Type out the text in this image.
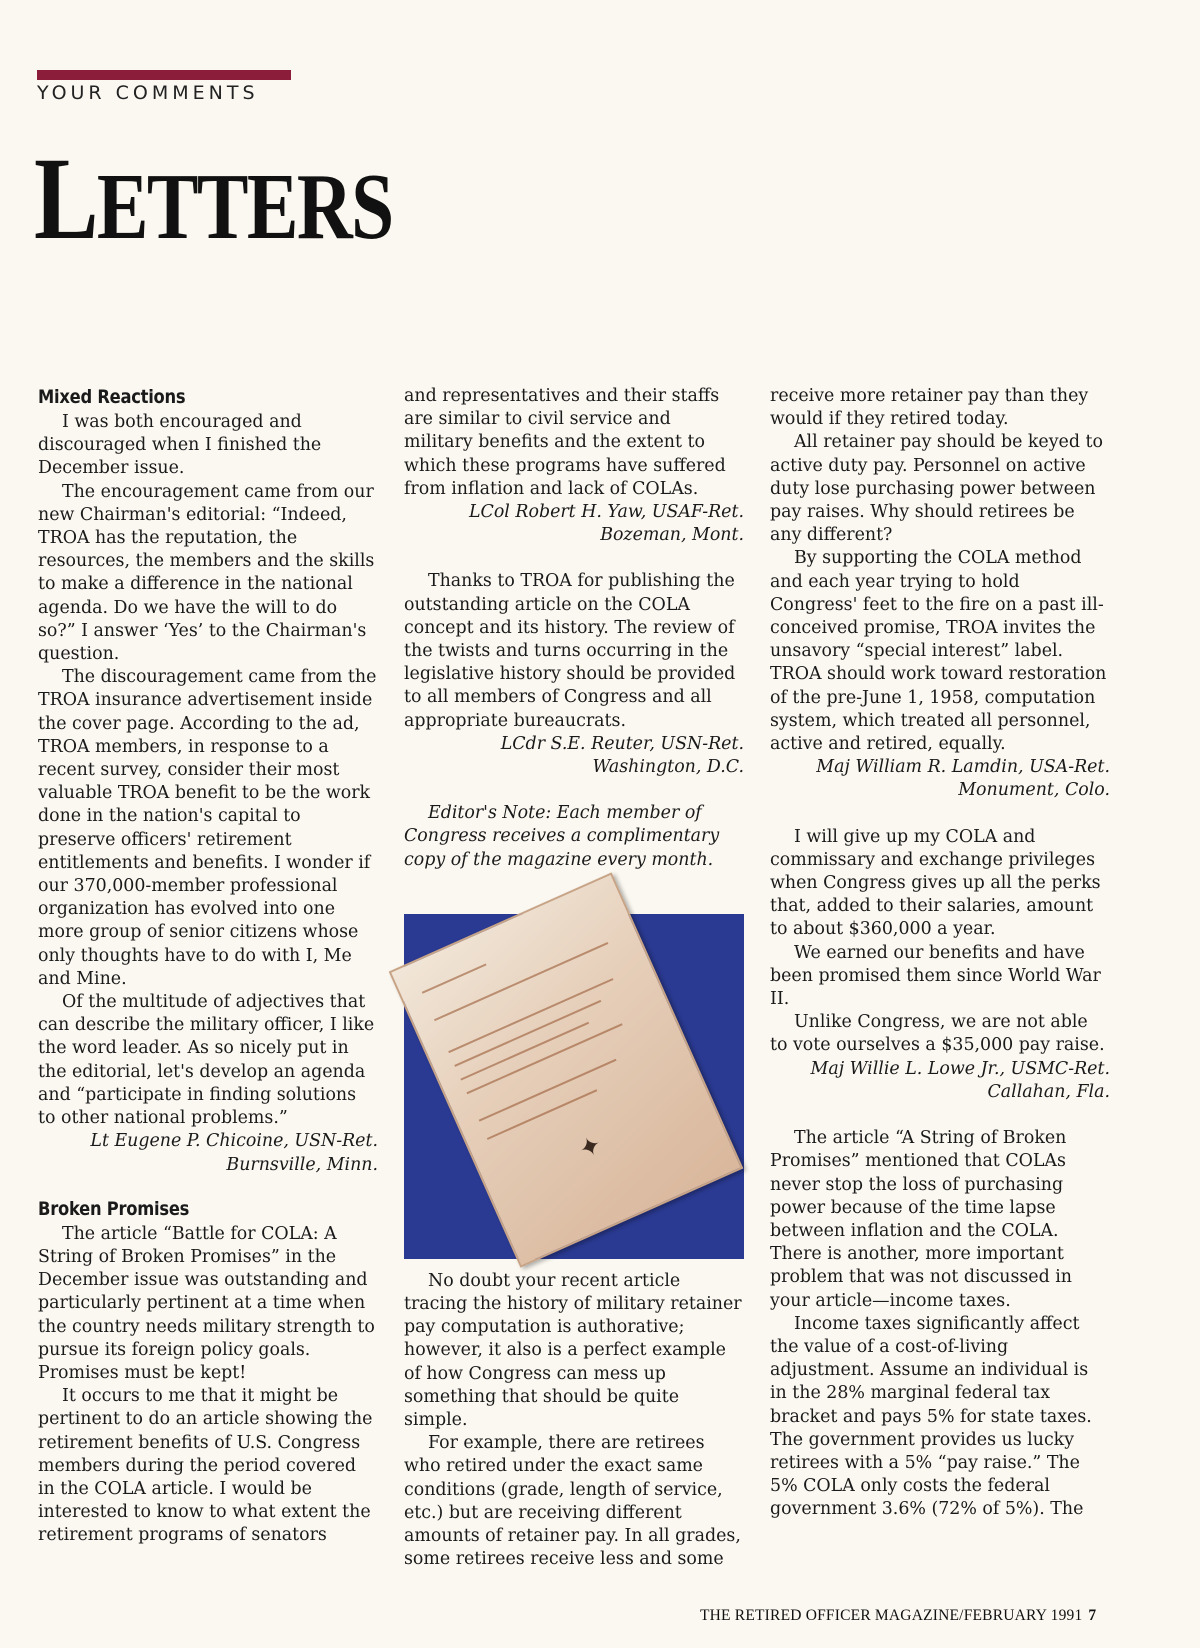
YOUR COMMENTS
LETTERS
Mixed Reactions

I was both encouraged and discouraged when I finished the December issue.

The encouragement came from our new Chairman's editorial: “Indeed, TROA has the reputation, the resources, the members and the skills to make a difference in the national agenda. Do we have the will to do so?” I answer ‘Yes’ to the Chairman's question.

The discouragement came from the TROA insurance advertisement inside the cover page. According to the ad, TROA members, in response to a recent survey, consider their most valuable TROA benefit to be the work done in the nation's capital to preserve officers' retirement entitlements and benefits. I wonder if our 370,000-member professional organization has evolved into one more group of senior citizens whose only thoughts have to do with I, Me and Mine.

Of the multitude of adjectives that can describe the military officer, I like the word leader. As so nicely put in the editorial, let's develop an agenda and “participate in finding solutions to other national problems.”

Lt Eugene P. Chicoine, USN-Ret.
Burnsville, Minn.
Broken Promises

The article “Battle for COLA: A String of Broken Promises” in the December issue was outstanding and particularly pertinent at a time when the country needs military strength to pursue its foreign policy goals. Promises must be kept!

It occurs to me that it might be pertinent to do an article showing the retirement benefits of U.S. Congress members during the period covered in the COLA article. I would be interested to know to what extent the retirement programs of senators

and representatives and their staffs are similar to civil service and military benefits and the extent to which these programs have suffered from inflation and lack of COLAs.

LCol Robert H. Yaw, USAF-Ret.
Bozeman, Mont.

Thanks to TROA for publishing the outstanding article on the COLA concept and its history. The review of the twists and turns occurring in the legislative history should be provided to all members of Congress and all appropriate bureaucrats.

LCdr S.E. Reuter, USN-Ret.
Washington, D.C.

Editor's Note: Each member of Congress receives a complimentary copy of the magazine every month.

✦

No doubt your recent article tracing the history of military retainer pay computation is authorative; however, it also is a perfect example of how Congress can mess up something that should be quite simple.

For example, there are retirees who retired under the exact same conditions (grade, length of service, etc.) but are receiving different amounts of retainer pay. In all grades, some retirees receive less and some

receive more retainer pay than they would if they retired today.

All retainer pay should be keyed to active duty pay. Personnel on active duty lose purchasing power between pay raises. Why should retirees be any different?

By supporting the COLA method and each year trying to hold Congress' feet to the fire on a past ill-conceived promise, TROA invites the unsavory “special interest” label. TROA should work toward restoration of the pre-June 1, 1958, computation system, which treated all personnel, active and retired, equally.

Maj William R. Lamdin, USA-Ret.
Monument, Colo.

I will give up my COLA and commissary and exchange privileges when Congress gives up all the perks that, added to their salaries, amount to about $360,000 a year.

We earned our benefits and have been promised them since World War II.

Unlike Congress, we are not able to vote ourselves a $35,000 pay raise.

Maj Willie L. Lowe Jr., USMC-Ret.
Callahan, Fla.

The article “A String of Broken Promises” mentioned that COLAs never stop the loss of purchasing power because of the time lapse between inflation and the COLA. There is another, more important problem that was not discussed in your article—income taxes.

Income taxes significantly affect the value of a cost-of-living adjustment. Assume an individual is in the 28% marginal federal tax bracket and pays 5% for state taxes. The government provides us lucky retirees with a 5% “pay raise.” The 5% COLA only costs the federal government 3.6% (72% of 5%). The

THE RETIRED OFFICER MAGAZINE/FEBRUARY 1991 7
